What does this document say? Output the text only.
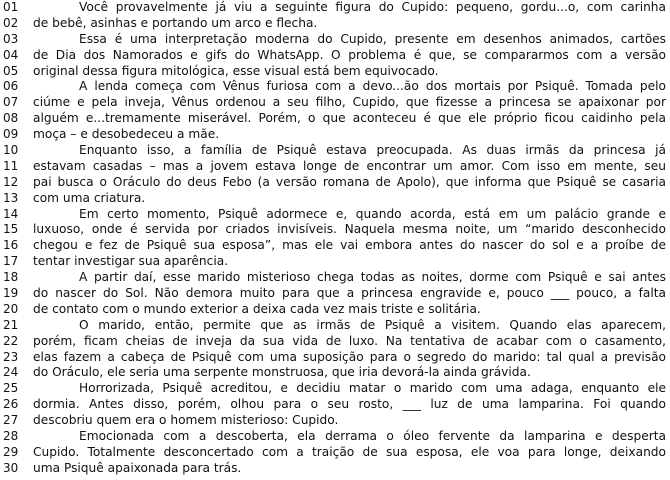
01	Você provavelmente já viu a seguinte figura do Cupido: pequeno, gordu...o, com carinha
02	de bebê, asinhas e portando um arco e flecha.
03	Essa é uma interpretação moderna do Cupido, presente em desenhos animados, cartões
04	de Dia dos Namorados e gifs do WhatsApp. O problema é que, se compararmos com a versão
05	original dessa figura mitológica, esse visual está bem equivocado.
06	A lenda começa com Vênus furiosa com a devo...ão dos mortais por Psiquê. Tomada pelo
07	ciúme e pela inveja, Vênus ordenou a seu filho, Cupido, que fizesse a princesa se apaixonar por
08	alguém e...tremamente miserável. Porém, o que aconteceu é que ele próprio ficou caidinho pela
09	moça – e desobedeceu a mãe.
10	Enquanto isso, a família de Psiquê estava preocupada. As duas irmãs da princesa já
11	estavam casadas – mas a jovem estava longe de encontrar um amor. Com isso em mente, seu
12	pai busca o Oráculo do deus Febo (a versão romana de Apolo), que informa que Psiquê se casaria
13	com uma criatura.
14	Em certo momento, Psiquê adormece e, quando acorda, está em um palácio grande e
15	luxuoso, onde é servida por criados invisíveis. Naquela mesma noite, um “marido desconhecido
16	chegou e fez de Psiquê sua esposa”, mas ele vai embora antes do nascer do sol e a proíbe de
17	tentar investigar sua aparência.
18	A partir daí, esse marido misterioso chega todas as noites, dorme com Psiquê e sai antes
19	do nascer do Sol. Não demora muito para que a princesa engravide e, pouco ___ pouco, a falta
20	de contato com o mundo exterior a deixa cada vez mais triste e solitária.
21	O marido, então, permite que as irmãs de Psiquê a visitem. Quando elas aparecem,
22	porém, ficam cheias de inveja da sua vida de luxo. Na tentativa de acabar com o casamento,
23	elas fazem a cabeça de Psiquê com uma suposição para o segredo do marido: tal qual a previsão
24	do Oráculo, ele seria uma serpente monstruosa, que iria devorá-la ainda grávida.
25	Horrorizada, Psiquê acreditou, e decidiu matar o marido com uma adaga, enquanto ele
26	dormia. Antes disso, porém, olhou para o seu rosto, ___ luz de uma lamparina. Foi quando
27	descobriu quem era o homem misterioso: Cupido.
28	Emocionada com a descoberta, ela derrama o óleo fervente da lamparina e desperta
29	Cupido. Totalmente desconcertado com a traição de sua esposa, ele voa para longe, deixando
30	uma Psiquê apaixonada para trás.
